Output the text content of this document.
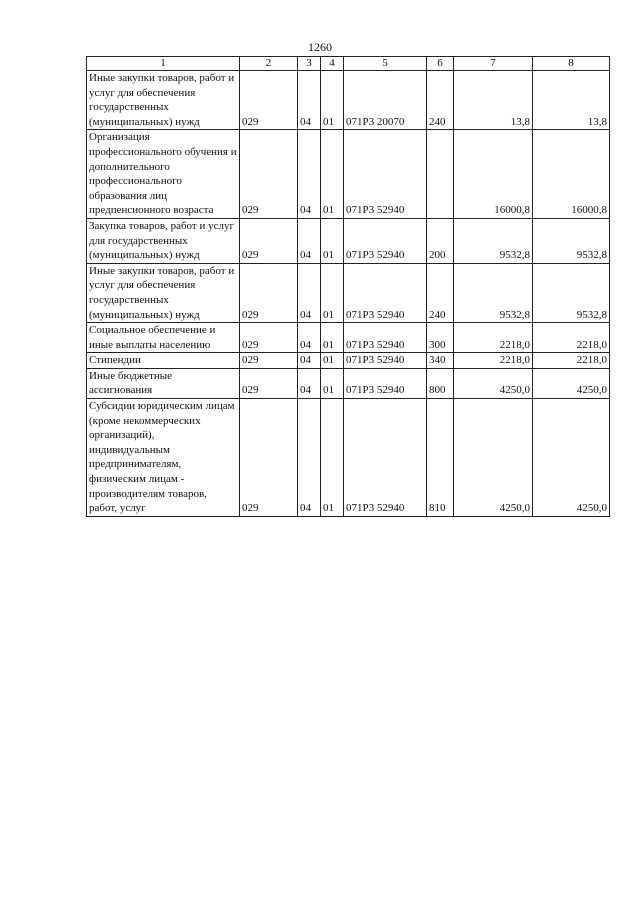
1260
1	2	3	4	5	6	7	8
Иные закупки товаров, работ и услуг для обеспечения государственных (муниципальных) нужд	029	04	01	071Р3 20070	240	13,8	13,8
Организация профессионального обучения и дополнительного профессионального образования лиц предпенсионного возраста	029	04	01	071Р3 52940		16000,8	16000,8
Закупка товаров, работ и услуг для государственных (муниципальных) нужд	029	04	01	071Р3 52940	200	9532,8	9532,8
Иные закупки товаров, работ и услуг для обеспечения государственных (муниципальных) нужд	029	04	01	071Р3 52940	240	9532,8	9532,8
Социальное обеспечение и иные выплаты населению	029	04	01	071Р3 52940	300	2218,0	2218,0
Стипендии	029	04	01	071Р3 52940	340	2218,0	2218,0
Иные бюджетные ассигнования	029	04	01	071Р3 52940	800	4250,0	4250,0
Субсидии юридическим лицам (кроме некоммерческих организаций), индивидуальным предпринимателям, физическим лицам - производителям товаров, работ, услуг	029	04	01	071Р3 52940	810	4250,0	4250,0
